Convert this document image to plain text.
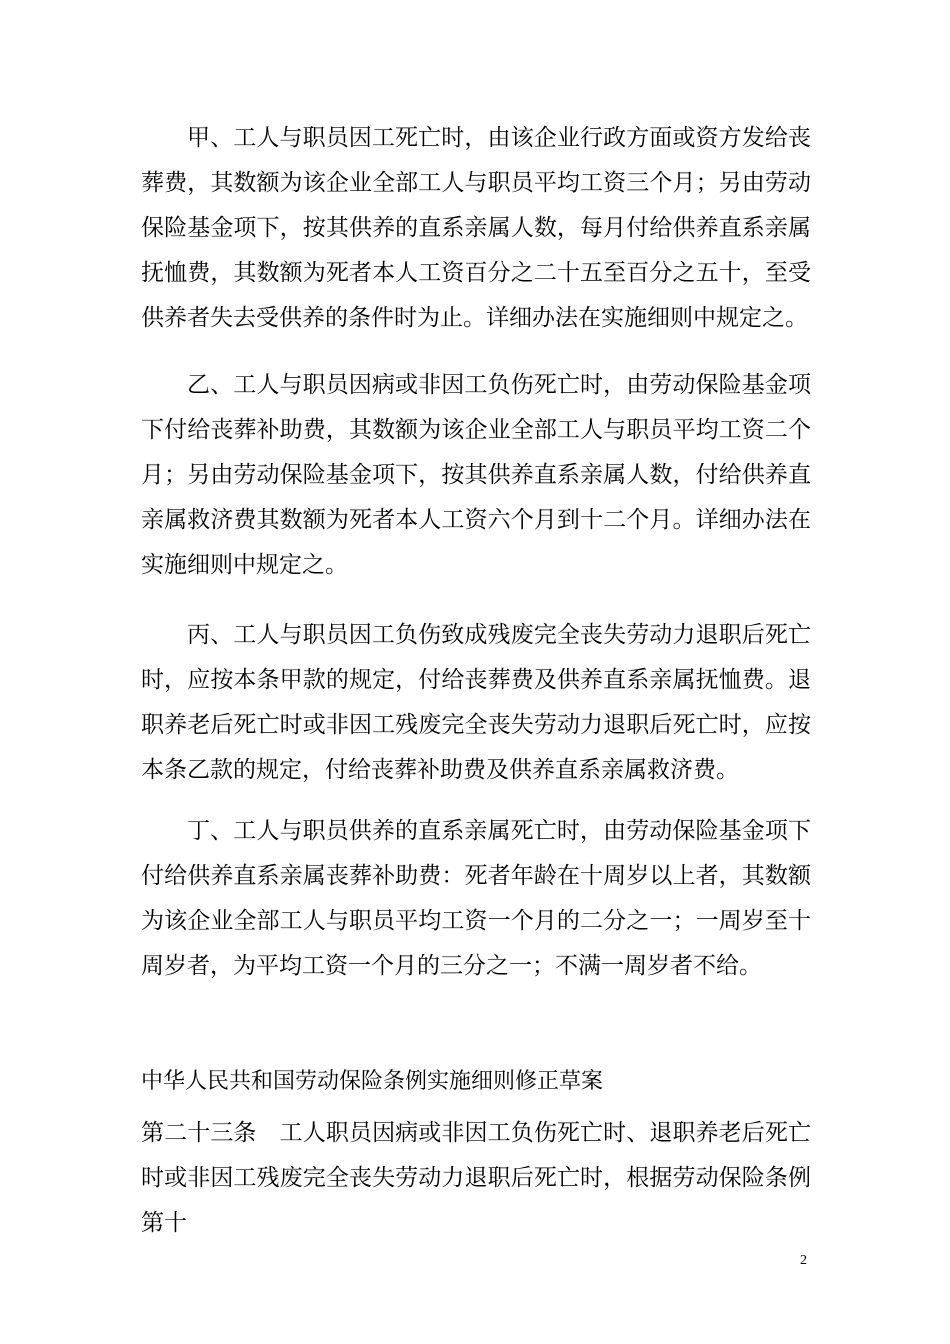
甲、工人与职员因工死亡时，由该企业行政方面或资方发给丧葬费，其数额为该企业全部工人与职员平均工资三个月；另由劳动保险基金项下，按其供养的直系亲属人数，每月付给供养直系亲属抚恤费，其数额为死者本人工资百分之二十五至百分之五十，至受供养者失去受供养的条件时为止。详细办法在实施细则中规定之。

乙、工人与职员因病或非因工负伤死亡时，由劳动保险基金项下付给丧葬补助费，其数额为该企业全部工人与职员平均工资二个月；另由劳动保险基金项下，按其供养直系亲属人数，付给供养直亲属救济费其数额为死者本人工资六个月到十二个月。详细办法在实施细则中规定之。

丙、工人与职员因工负伤致成残废完全丧失劳动力退职后死亡时，应按本条甲款的规定，付给丧葬费及供养直系亲属抚恤费。退职养老后死亡时或非因工残废完全丧失劳动力退职后死亡时，应按本条乙款的规定，付给丧葬补助费及供养直系亲属救济费。

丁、工人与职员供养的直系亲属死亡时，由劳动保险基金项下付给供养直系亲属丧葬补助费：死者年龄在十周岁以上者，其数额为该企业全部工人与职员平均工资一个月的二分之一；一周岁至十周岁者，为平均工资一个月的三分之一；不满一周岁者不给。

中华人民共和国劳动保险条例实施细则修正草案

第二十三条　工人职员因病或非因工负伤死亡时、退职养老后死亡时或非因工残废完全丧失劳动力退职后死亡时，根据劳动保险条例第十

2
